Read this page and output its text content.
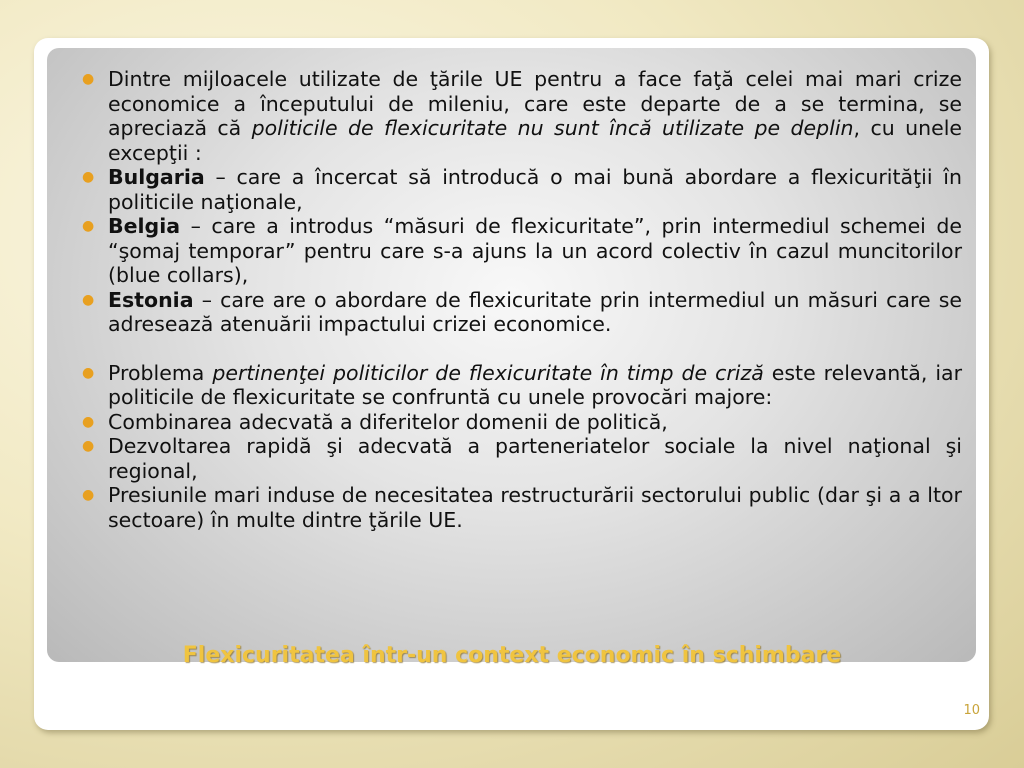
● Dintre mijloacele utilizate de ţările UE pentru a face faţă celei mai mari crize economice a începutului de mileniu, care este departe de a se termina, se apreciază că politicile de flexicuritate nu sunt încă utilizate pe deplin, cu unele excepţii :
● Bulgaria – care a încercat să introducă o mai bună abordare a flexicurităţii în politicile naţionale,
● Belgia – care a introdus “măsuri de flexicuritate”, prin intermediul schemei de “şomaj temporar” pentru care s-a ajuns la un acord colectiv în cazul muncitorilor (blue collars),
● Estonia – care are o abordare de flexicuritate prin intermediul un măsuri care se adresează atenuării impactului crizei economice.
● Problema pertinenţei politicilor de flexicuritate în timp de criză este relevantă, iar politicile de flexicuritate se confruntă cu unele provocări majore:
● Combinarea adecvată a diferitelor domenii de politică,
● Dezvoltarea rapidă şi adecvată a parteneriatelor sociale la nivel naţional şi regional,
● Presiunile mari induse de necesitatea restructurării sectorului public (dar şi a a ltor sectoare) în multe dintre ţările UE.
Flexicuritatea într-un context economic în schimbare
10
